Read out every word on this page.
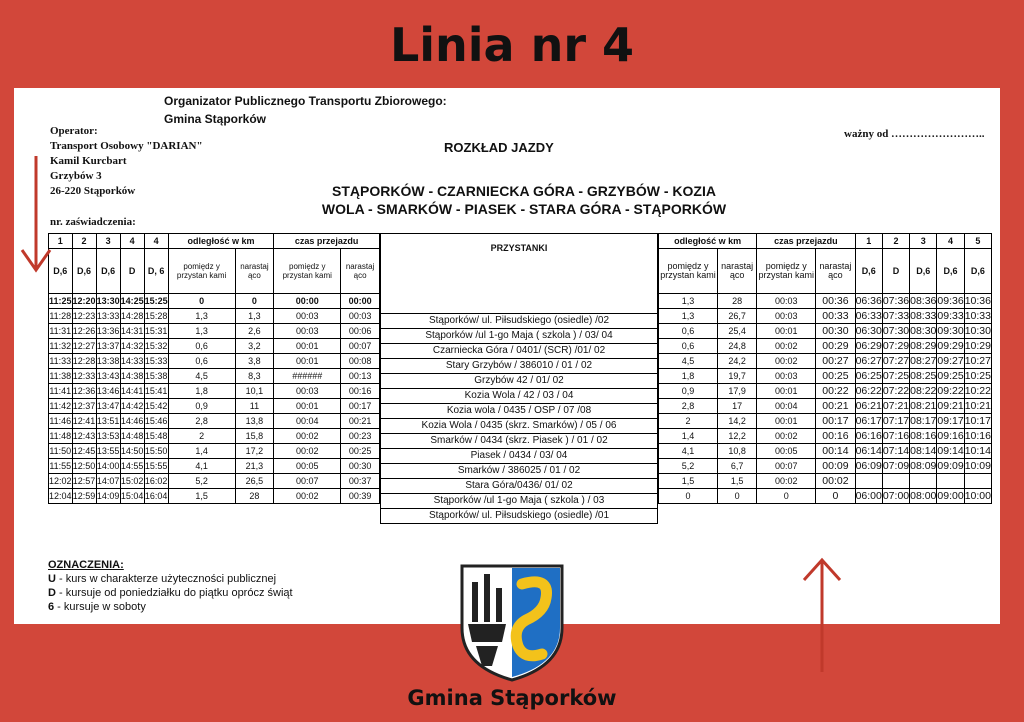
Linia nr 4
Organizator Publicznego Transportu Zbiorowego:
Gmina Stąporków
Operator:
Transport Osobowy "DARIAN"
Kamil Kurcbart
Grzybów 3
26-220 Stąporków
ważny od ……………………..
ROZKŁAD JAZDY
STĄPORKÓW - CZARNIECKA GÓRA - GRZYBÓW - KOZIA
WOLA - SMARKÓW - PIASEK - STARA GÓRA - STĄPORKÓW
nr. zaświadczenia:
1	2	3	4	4	odległość w km		czas przejazdu	
D,6	D,6	D,6	D	D, 6	pomiędz y przystan kami	narastaj ąco	pomiędz y przystan kami	narastaj ąco
11:25	12:20	13:30	14:25	15:25	0	0	00:00	00:00
11:28	12:23	13:33	14:28	15:28	1,3	1,3	00:03	00:03
11:31	12:26	13:36	14:31	15:31	1,3	2,6	00:03	00:06
11:32	12:27	13:37	14:32	15:32	0,6	3,2	00:01	00:07
11:33	12:28	13:38	14:33	15:33	0,6	3,8	00:01	00:08
11:38	12:33	13:43	14:38	15:38	4,5	8,3	######	00:13
11:41	12:36	13:46	14:41	15:41	1,8	10,1	00:03	00:16
11:42	12:37	13:47	14:42	15:42	0,9	11	00:01	00:17
11:46	12:41	13:51	14:46	15:46	2,8	13,8	00:04	00:21
11:48	12:43	13:53	14:48	15:48	2	15,8	00:02	00:23
11:50	12:45	13:55	14:50	15:50	1,4	17,2	00:02	00:25
11:55	12:50	14:00	14:55	15:55	4,1	21,3	00:05	00:30
12:02	12:57	14:07	15:02	16:02	5,2	26,5	00:07	00:37
12:04	12:59	14:09	15:04	16:04	1,5	28	00:02	00:39
PRZYSTANKI
Stąporków/ ul. Piłsudskiego (osiedle) /02
Stąporków /ul 1-go Maja ( szkola ) / 03/ 04
Czarniecka Góra / 0401/ (SCR) /01/ 02
Stary Grzybów / 386010 / 01 / 02
Grzybów 42 / 01/ 02
Kozia Wola / 42 / 03 / 04
Kozia wola / 0435 / OSP / 07 /08
Kozia Wola / 0435 (skrz. Smarków) / 05 / 06
Smarków / 0434 (skrz. Piasek ) / 01 / 02
Piasek / 0434 / 03/ 04
Smarków / 386025 / 01 / 02
Stara Góra/0436/ 01/ 02
Stąporków /ul 1-go Maja ( szkola ) / 03
Stąporków/ ul. Piłsudskiego (osiedle) /01
odległość w km		czas przejazdu		1	2	3	4	5
pomiędz y przystan kami	narastaj ąco	pomiędz y przystan kami	narastaj ąco	D,6	D	D,6	D,6	D,6
1,3	28	00:03	00:36	06:36	07:36	08:36	09:36	10:36
1,3	26,7	00:03	00:33	06:33	07:33	08:33	09:33	10:33
0,6	25,4	00:01	00:30	06:30	07:30	08:30	09:30	10:30
0,6	24,8	00:02	00:29	06:29	07:29	08:29	09:29	10:29
4,5	24,2	00:02	00:27	06:27	07:27	08:27	09:27	10:27
1,8	19,7	00:03	00:25	06:25	07:25	08:25	09:25	10:25
0,9	17,9	00:01	00:22	06:22	07:22	08:22	09:22	10:22
2,8	17	00:04	00:21	06:21	07:21	08:21	09:21	10:21
2	14,2	00:01	00:17	06:17	07:17	08:17	09:17	10:17
1,4	12,2	00:02	00:16	06:16	07:16	08:16	09:16	10:16
4,1	10,8	00:05	00:14	06:14	07:14	08:14	09:14	10:14
5,2	6,7	00:07	00:09	06:09	07:09	08:09	09:09	10:09
1,5	1,5	00:02	00:02					
0	0	0	0	06:00	07:00	08:00	09:00	10:00
OZNACZENIA:
U - kurs w charakterze użyteczności publicznej
D - kursuje od poniedziałku do piątku oprócz świąt
6 - kursuje w soboty
Gmina Stąporków
